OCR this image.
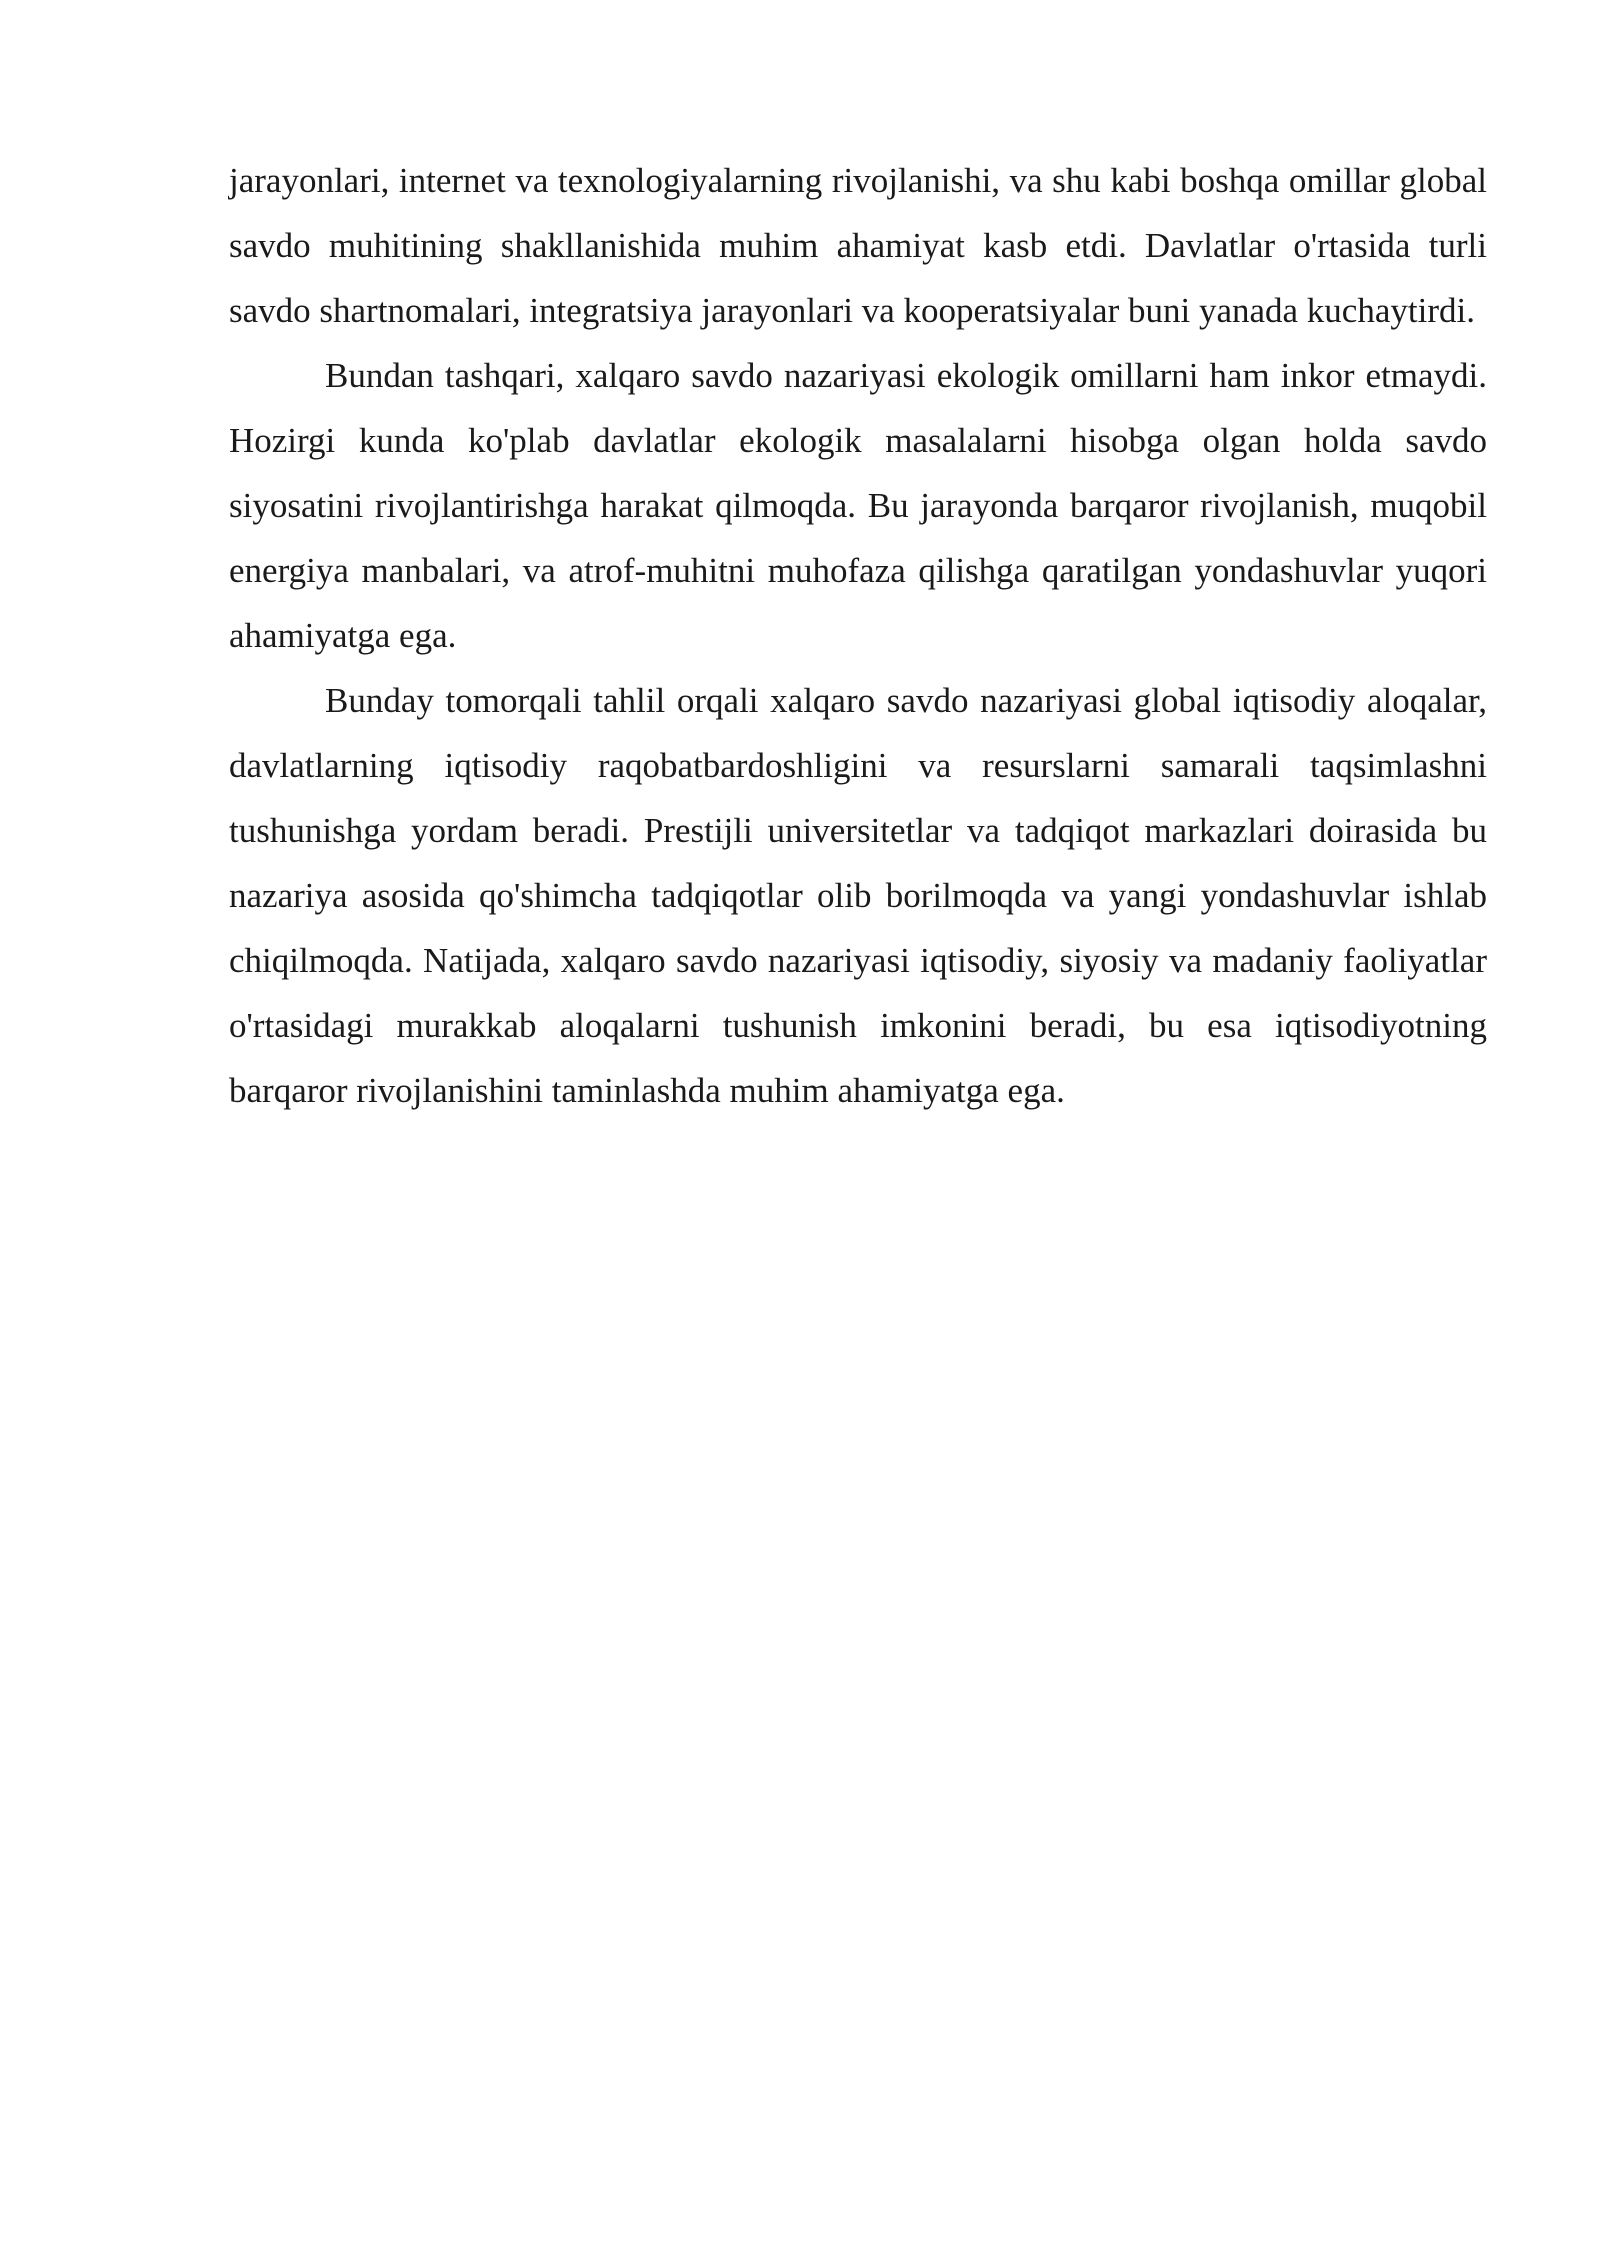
jarayonlari, internet va texnologiyalarning rivojlanishi, va shu kabi boshqa omillar global savdo muhitining shakllanishida muhim ahamiyat kasb etdi. Davlatlar o'rtasida turli savdo shartnomalari, integratsiya jarayonlari va kooperatsiyalar buni yanada kuchaytirdi.

Bundan tashqari, xalqaro savdo nazariyasi ekologik omillarni ham inkor etmaydi. Hozirgi kunda ko'plab davlatlar ekologik masalalarni hisobga olgan holda savdo siyosatini rivojlantirishga harakat qilmoqda. Bu jarayonda barqaror rivojlanish, muqobil energiya manbalari, va atrof-muhitni muhofaza qilishga qaratilgan yondashuvlar yuqori ahamiyatga ega.

Bunday tomorqali tahlil orqali xalqaro savdo nazariyasi global iqtisodiy aloqalar, davlatlarning iqtisodiy raqobatbardoshligini va resurslarni samarali taqsimlashni tushunishga yordam beradi. Prestijli universitetlar va tadqiqot markazlari doirasida bu nazariya asosida qo'shimcha tadqiqotlar olib borilmoqda va yangi yondashuvlar ishlab chiqilmoqda. Natijada, xalqaro savdo nazariyasi iqtisodiy, siyosiy va madaniy faoliyatlar o'rtasidagi murakkab aloqalarni tushunish imkonini beradi, bu esa iqtisodiyotning barqaror rivojlanishini taminlashda muhim ahamiyatga ega.
